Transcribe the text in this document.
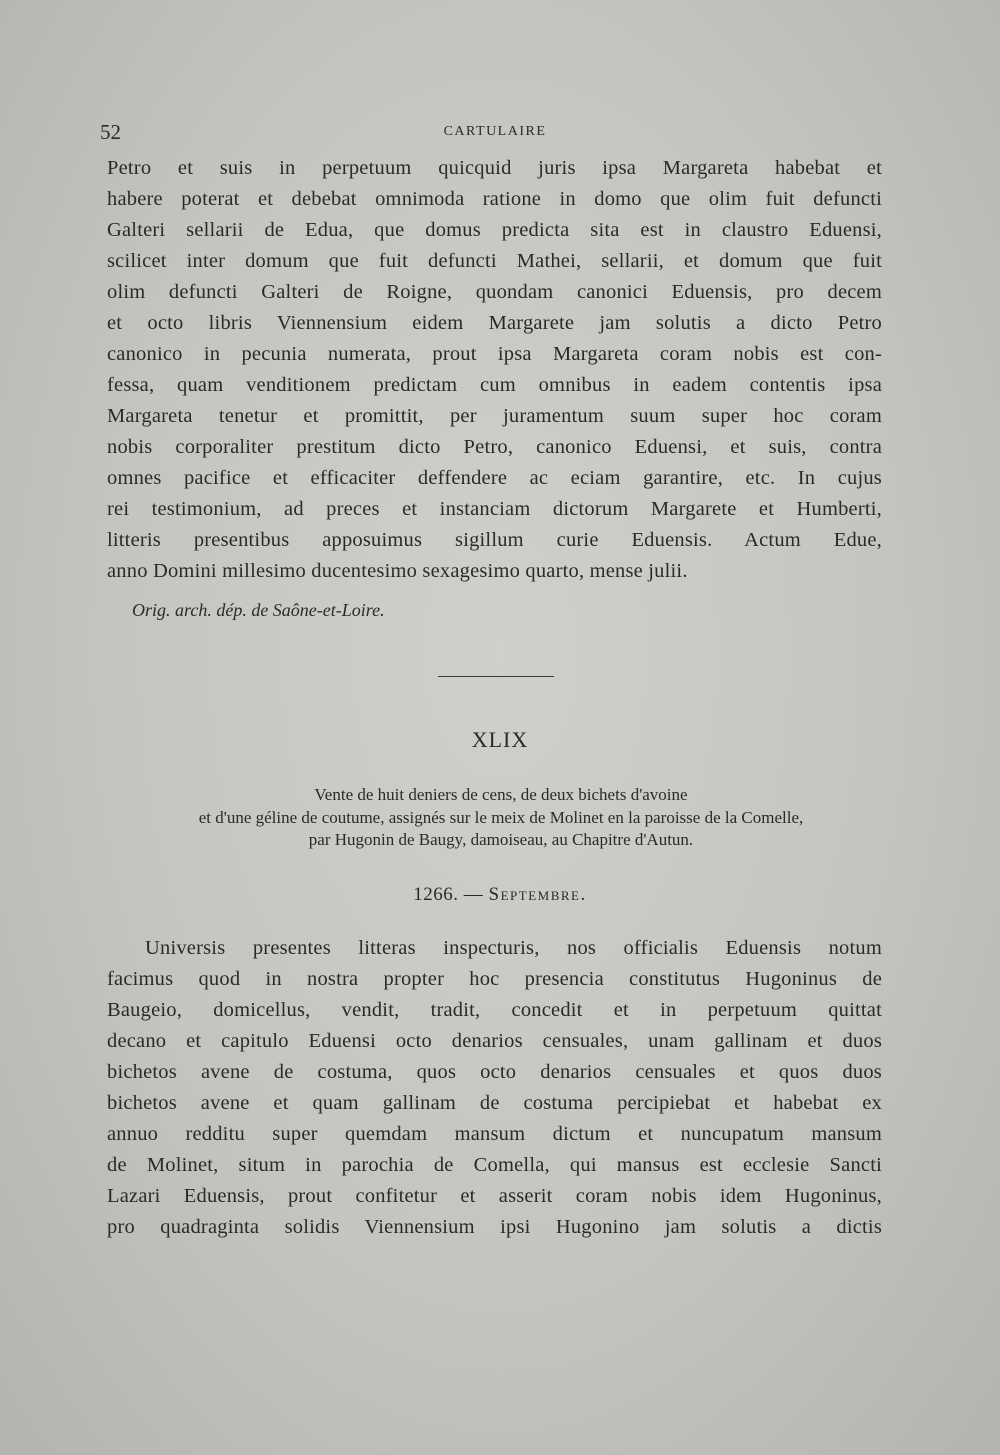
52	CARTULAIRE
Petro et suis in perpetuum quicquid juris ipsa Margareta habebat et
habere poterat et debebat omnimoda ratione in domo que olim fuit defuncti
Galteri sellarii de Edua, que domus predicta sita est in claustro Eduensi,
scilicet inter domum que fuit defuncti Mathei, sellarii, et domum que fuit
olim defuncti Galteri de Roigne, quondam canonici Eduensis, pro decem
et octo libris Viennensium eidem Margarete jam solutis a dicto Petro
canonico in pecunia numerata, prout ipsa Margareta coram nobis est con-
fessa, quam venditionem predictam cum omnibus in eadem contentis ipsa
Margareta tenetur et promittit, per juramentum suum super hoc coram
nobis corporaliter prestitum dicto Petro, canonico Eduensi, et suis, contra
omnes pacifice et efficaciter deffendere ac eciam garantire, etc. In cujus
rei testimonium, ad preces et instanciam dictorum Margarete et Humberti,
litteris presentibus apposuimus sigillum curie Eduensis. Actum Edue,
anno Domini millesimo ducentesimo sexagesimo quarto, mense julii.
Orig. arch. dép. de Saône-et-Loire.
XLIX
Vente de huit deniers de cens, de deux bichets d'avoine
et d'une géline de coutume, assignés sur le meix de Molinet en la paroisse de la Comelle,
par Hugonin de Baugy, damoiseau, au Chapitre d'Autun.
1266. — Septembre.
Universis presentes litteras inspecturis, nos officialis Eduensis notum
facimus quod in nostra propter hoc presencia constitutus Hugoninus de
Baugeio, domicellus, vendit, tradit, concedit et in perpetuum quittat
decano et capitulo Eduensi octo denarios censuales, unam gallinam et duos
bichetos avene de costuma, quos octo denarios censuales et quos duos
bichetos avene et quam gallinam de costuma percipiebat et habebat ex
annuo redditu super quemdam mansum dictum et nuncupatum mansum
de Molinet, situm in parochia de Comella, qui mansus est ecclesie Sancti
Lazari Eduensis, prout confitetur et asserit coram nobis idem Hugoninus,
pro quadraginta solidis Viennensium ipsi Hugonino jam solutis a dictis
